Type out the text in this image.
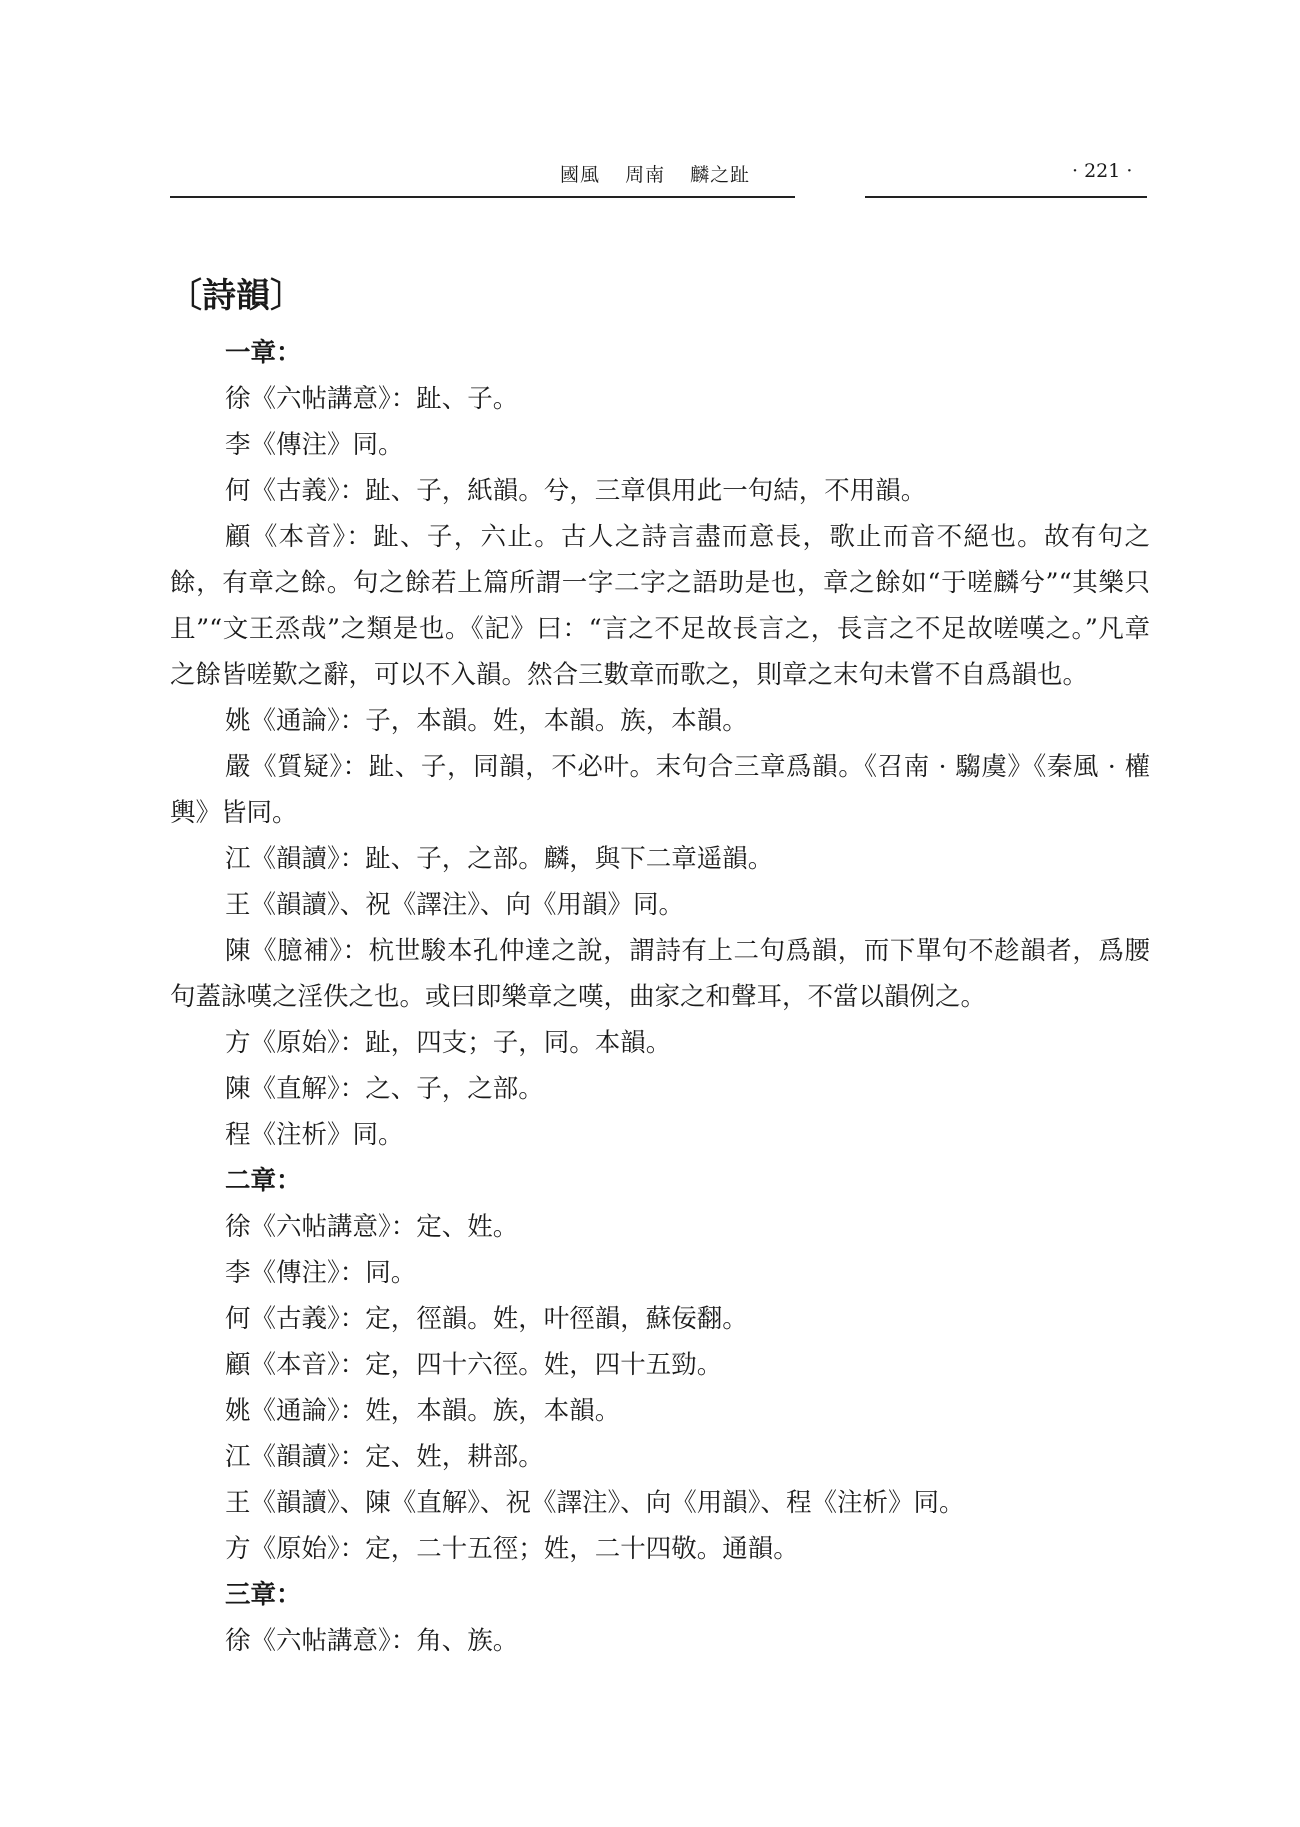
國風 周南 麟之趾	· 221 ·
〔詩韻〕

一章：

徐《六帖講意》：趾、子。

李《傳注》同。

何《古義》：趾、子，紙韻。兮，三章俱用此一句結，不用韻。

顧《本音》：趾、子，六止。古人之詩言盡而意長，歌止而音不絕也。故有句之餘，有章之餘。句之餘若上篇所謂一字二字之語助是也，章之餘如“于嗟麟兮”“其樂只且”“文王烝哉”之類是也。《記》曰：“言之不足故長言之，長言之不足故嗟嘆之。”凡章之餘皆嗟歎之辭，可以不入韻。然合三數章而歌之，則章之末句未嘗不自爲韻也。

姚《通論》：子，本韻。姓，本韻。族，本韻。

嚴《質疑》：趾、子，同韻，不必叶。末句合三章爲韻。《召南 · 騶虞》《秦風 · 權輿》皆同。

江《韻讀》：趾、子，之部。麟，與下二章遥韻。

王《韻讀》、祝《譯注》、向《用韻》同。

陳《臆補》：杭世駿本孔仲達之說，謂詩有上二句爲韻，而下單句不趁韻者，爲腰句蓋詠嘆之淫佚之也。或曰即樂章之嘆，曲家之和聲耳，不當以韻例之。

方《原始》：趾，四支；子，同。本韻。

陳《直解》：之、子，之部。

程《注析》同。

二章：

徐《六帖講意》：定、姓。

李《傳注》：同。

何《古義》：定，徑韻。姓，叶徑韻，蘇佞翻。

顧《本音》：定，四十六徑。姓，四十五勁。

姚《通論》：姓，本韻。族，本韻。

江《韻讀》：定、姓，耕部。

王《韻讀》、陳《直解》、祝《譯注》、向《用韻》、程《注析》同。

方《原始》：定，二十五徑；姓，二十四敬。通韻。

三章：

徐《六帖講意》：角、族。
